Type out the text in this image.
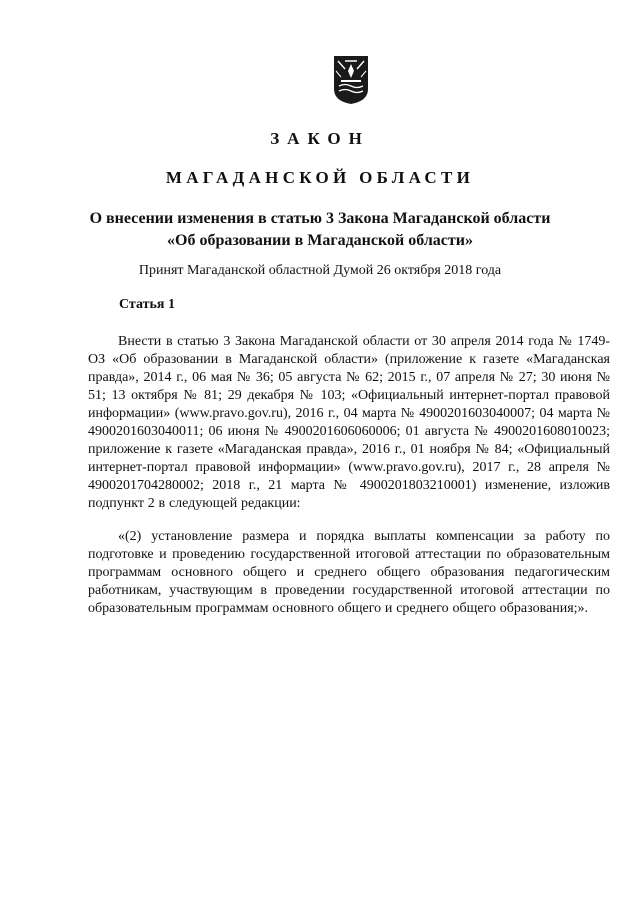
ЗАКОН
МАГАДАНСКОЙ ОБЛАСТИ
О внесении изменения в статью 3 Закона Магаданской области
«Об образовании в Магаданской области»
Принят Магаданской областной Думой 26 октября 2018 года
Статья 1

Внести в статью 3 Закона Магаданской области от 30 апреля 2014 года № 1749-ОЗ «Об образовании в Магаданской области» (приложение к газете «Магаданская правда», 2014 г., 06 мая № 36; 05 августа № 62; 2015 г., 07 апреля № 27; 30 июня № 51; 13 октября № 81; 29 декабря № 103; «Официальный интернет-портал правовой информации» (www.pravo.gov.ru), 2016 г., 04 марта № 4900201603040007; 04 марта № 4900201603040011; 06 июня № 4900201606060006; 01 августа № 4900201608010023; приложение к газете «Магаданская правда», 2016 г., 01 ноября № 84; «Официальный интернет-портал правовой информации» (www.pravo.gov.ru), 2017 г., 28 апреля № 4900201704280002; 2018 г., 21 марта № 4900201803210001) изменение, изложив подпункт 2 в следующей редакции:

«(2) установление размера и порядка выплаты компенсации за работу по подготовке и проведению государственной итоговой аттестации по образовательным программам основного общего и среднего общего образования педагогическим работникам, участвующим в проведении государственной итоговой аттестации по образовательным программам основного общего и среднего общего образования;».
